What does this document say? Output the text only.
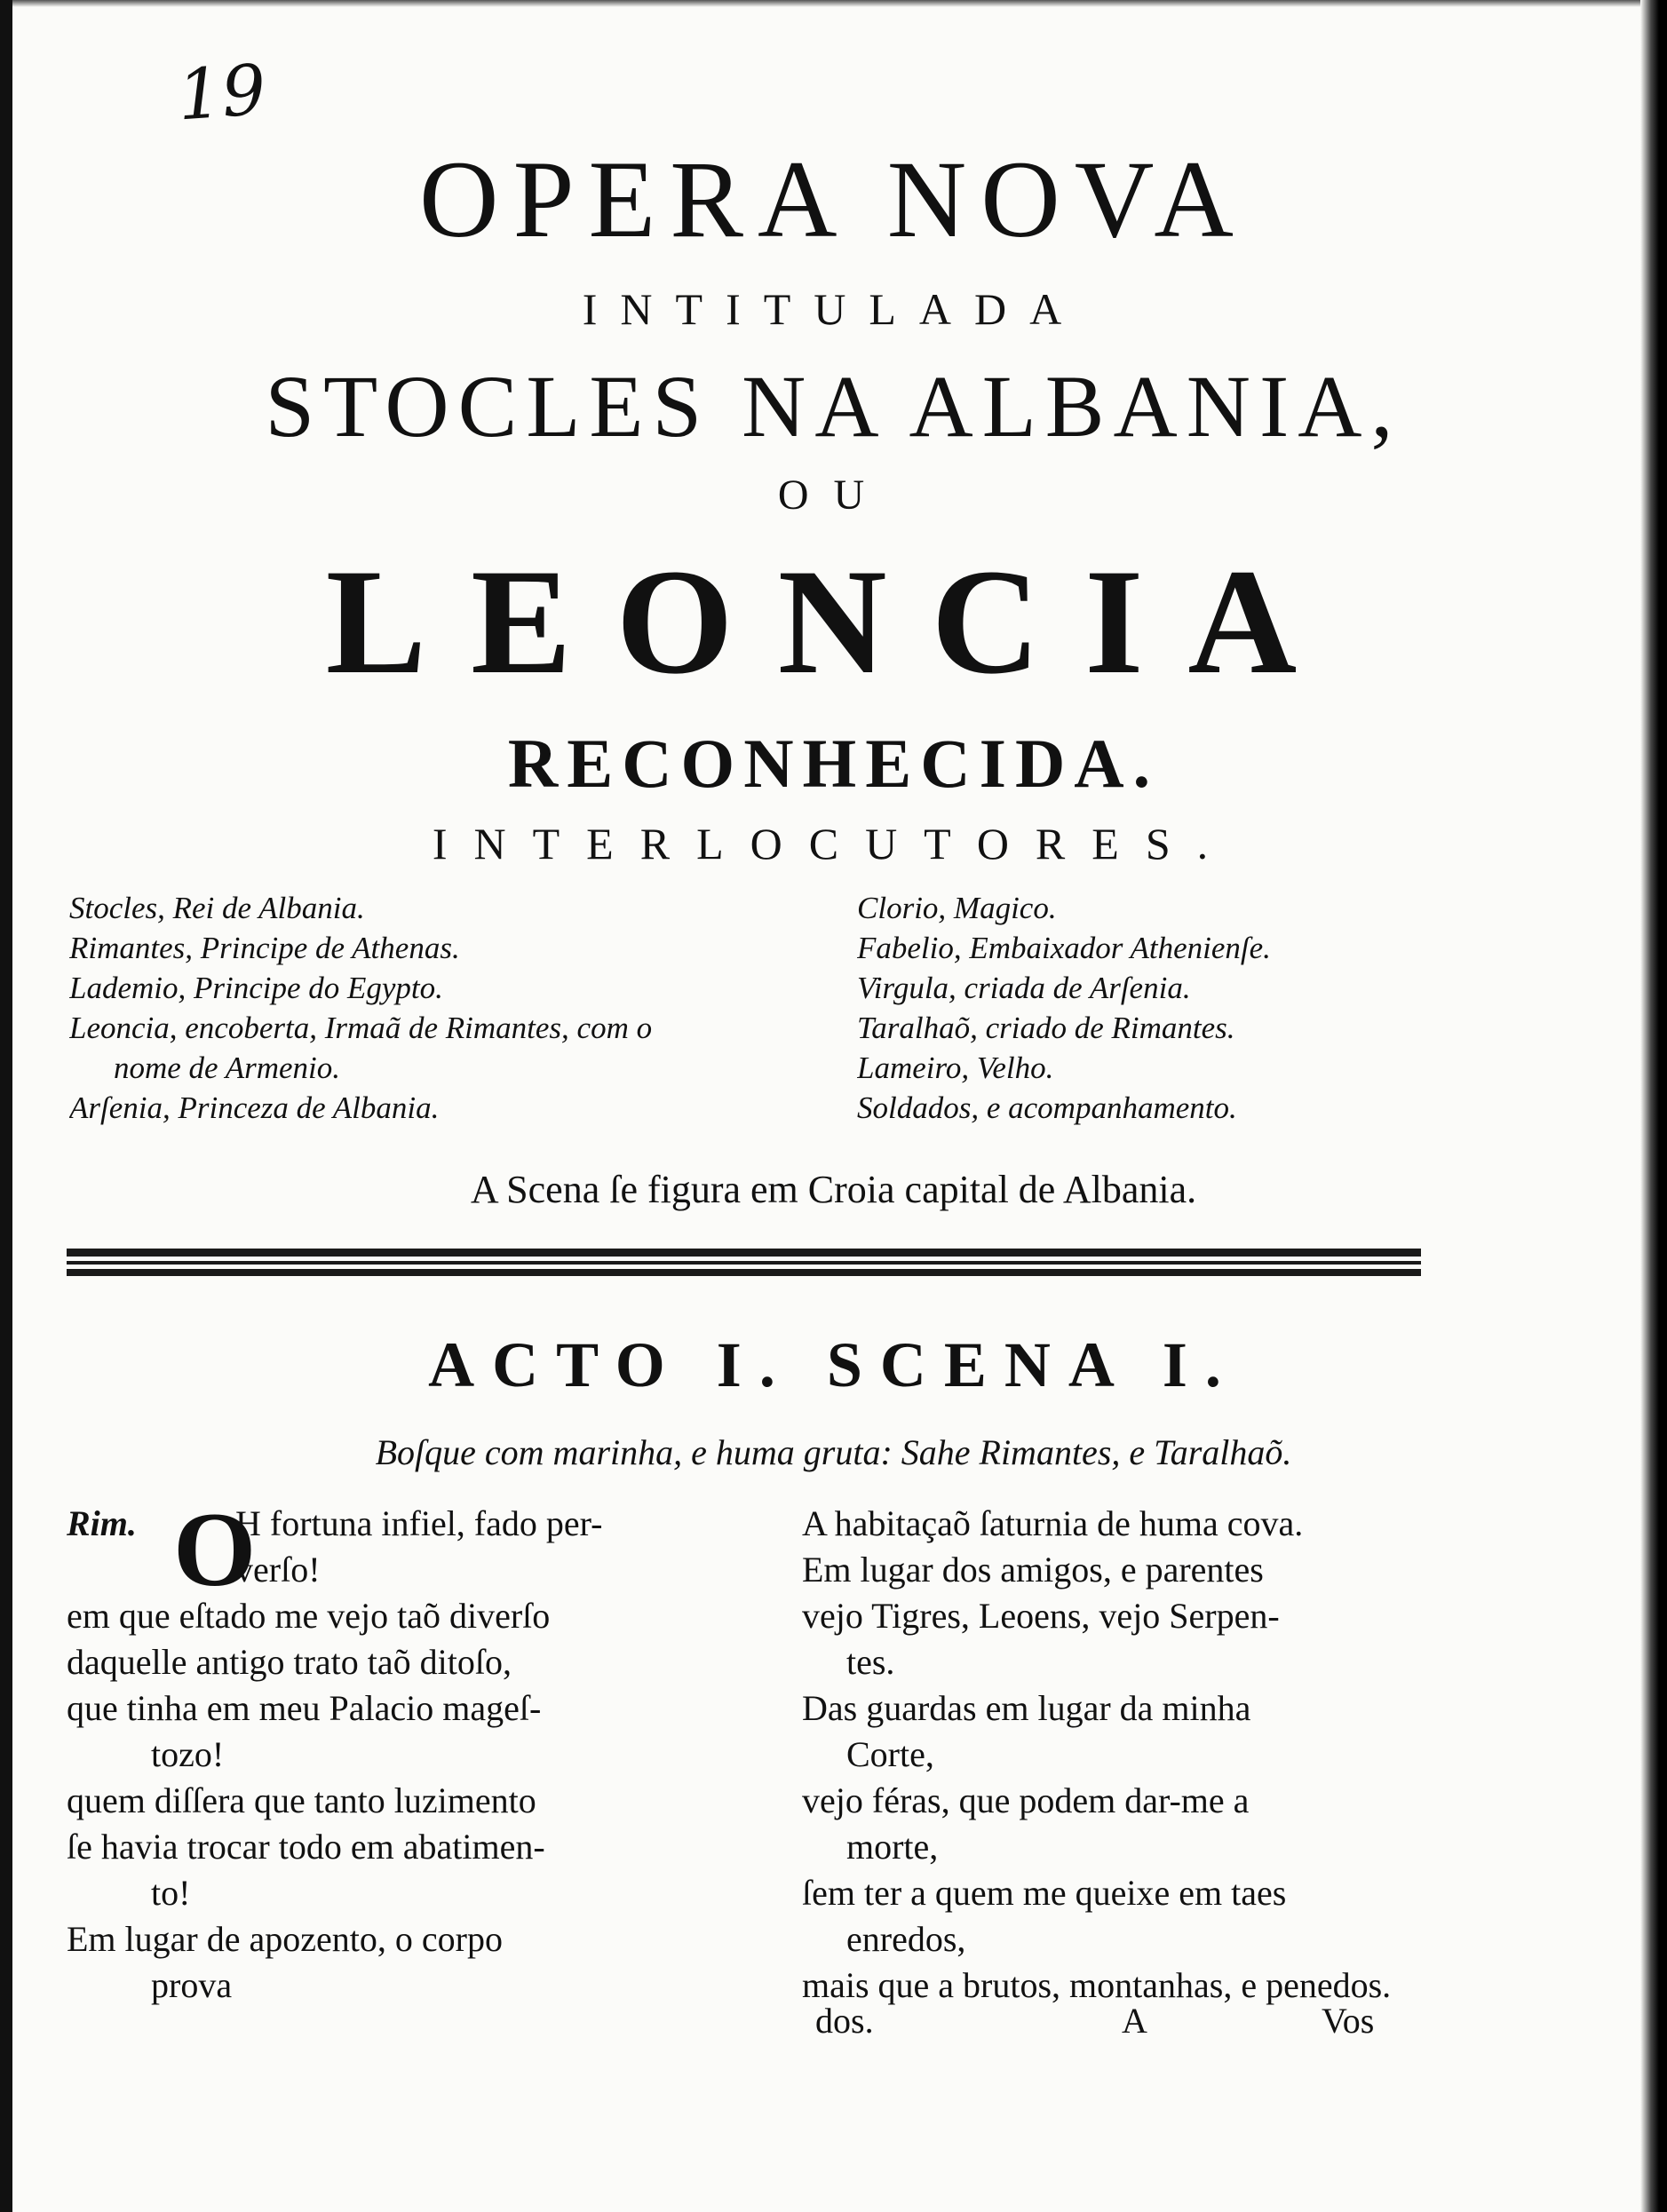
19
OPERA NOVA
INTITULADA
STOCLES NA ALBANIA,
OU
LEONCIA
RECONHECIDA.
INTERLOCUTORES.
Stocles, Rei de Albania.
Rimantes, Principe de Athenas.
Lademio, Principe do Egypto.
Leoncia, encoberta, Irmaã de Rimantes, com o
nome de Armenio.
Arſenia, Princeza de Albania.
Clorio, Magico.
Fabelio, Embaixador Athenienſe.
Virgula, criada de Arſenia.
Taralhaõ, criado de Rimantes.
Lameiro, Velho.
Soldados, e acompanhamento.
A Scena ſe figura em Croia capital de Albania.
ACTO I. SCENA I.
Boſque com marinha, e huma gruta: Sahe Rimantes, e Taralhaõ.
O
Rim.	H fortuna infiel, fado per-
verſo!
em que eſtado me vejo taõ diverſo
daquelle antigo trato taõ ditoſo,
que tinha em meu Palacio mageſ-
tozo!
quem diſſera que tanto luzimento
ſe havia trocar todo em abatimen-
to!
Em lugar de apozento, o corpo
prova
A habitaçaõ ſaturnia de huma cova.
Em lugar dos amigos, e parentes
vejo Tigres, Leoens, vejo Serpen-
tes.
Das guardas em lugar da minha
Corte,
vejo féras, que podem dar-me a
morte,
ſem ter a quem me queixe em taes
enredos,
mais que a brutos, montanhas, e penedos.
dos.	A	Vos
